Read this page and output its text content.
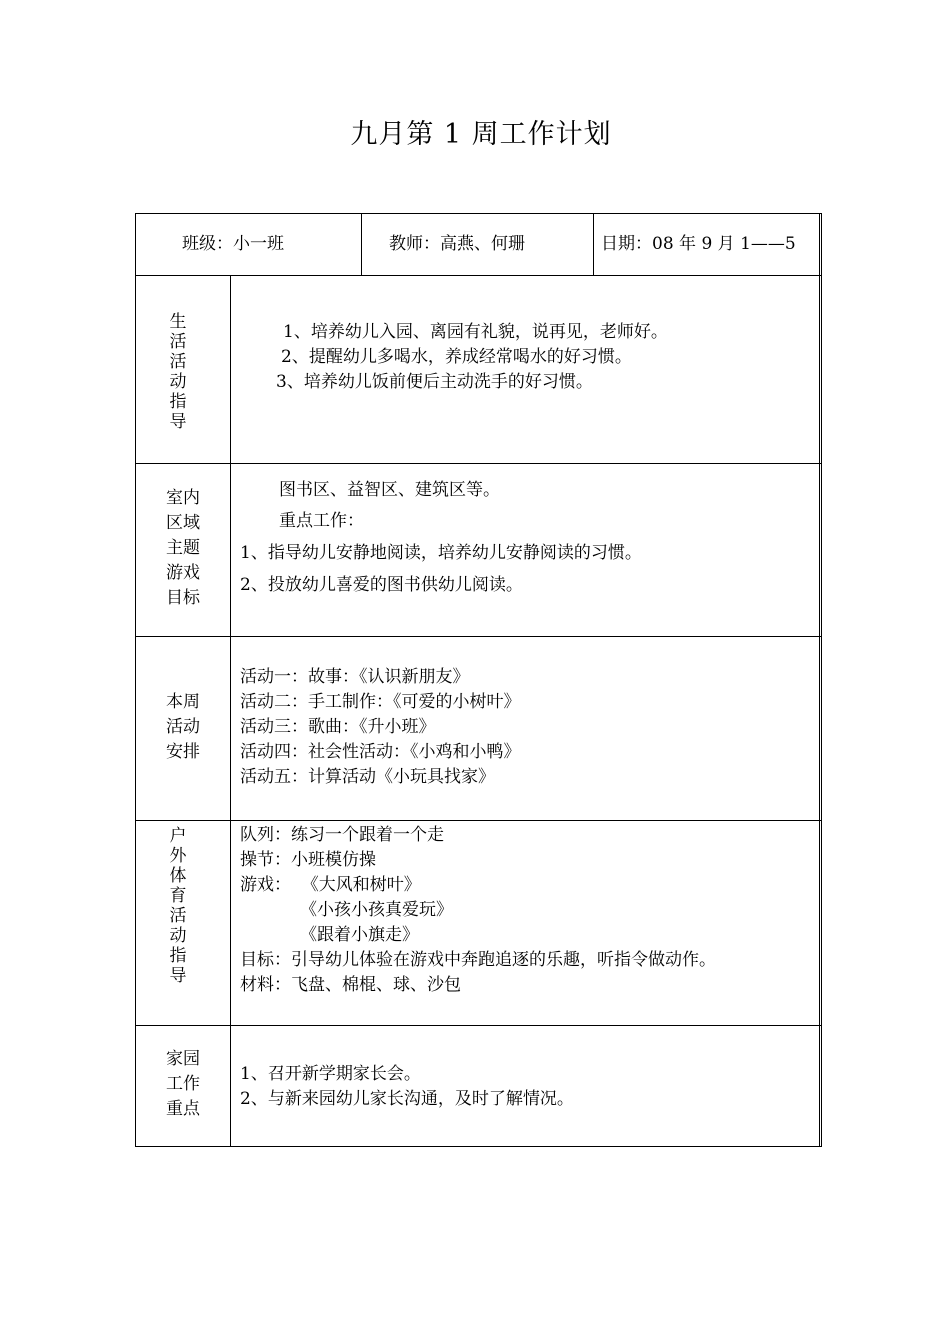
九月第 1 周工作计划
班级：小一班	教师：高燕、何珊	日期：08 年 9 月 1——5
生
活
活
动
指
导
1、培养幼儿入园、离园有礼貌，说再见，老师好。
2、提醒幼儿多喝水，养成经常喝水的好习惯。
3、培养幼儿饭前便后主动洗手的好习惯。
室内
区域
主题
游戏
目标
图书区、益智区、建筑区等。
重点工作：
1、指导幼儿安静地阅读，培养幼儿安静阅读的习惯。
2、投放幼儿喜爱的图书供幼儿阅读。
本周
活动
安排
活动一：故事：《认识新朋友》
活动二：手工制作：《可爱的小树叶》
活动三：歌曲：《升小班》
活动四：社会性活动：《小鸡和小鸭》
活动五：计算活动《小玩具找家》
户
外
体
育
活
动
指
导
队列：练习一个跟着一个走
操节：小班模仿操
游戏：  《大风和树叶》
《小孩小孩真爱玩》
《跟着小旗走》
目标：引导幼儿体验在游戏中奔跑追逐的乐趣，听指令做动作。
材料：飞盘、棉棍、球、沙包
家园
工作
重点
1、召开新学期家长会。
2、与新来园幼儿家长沟通，及时了解情况。
